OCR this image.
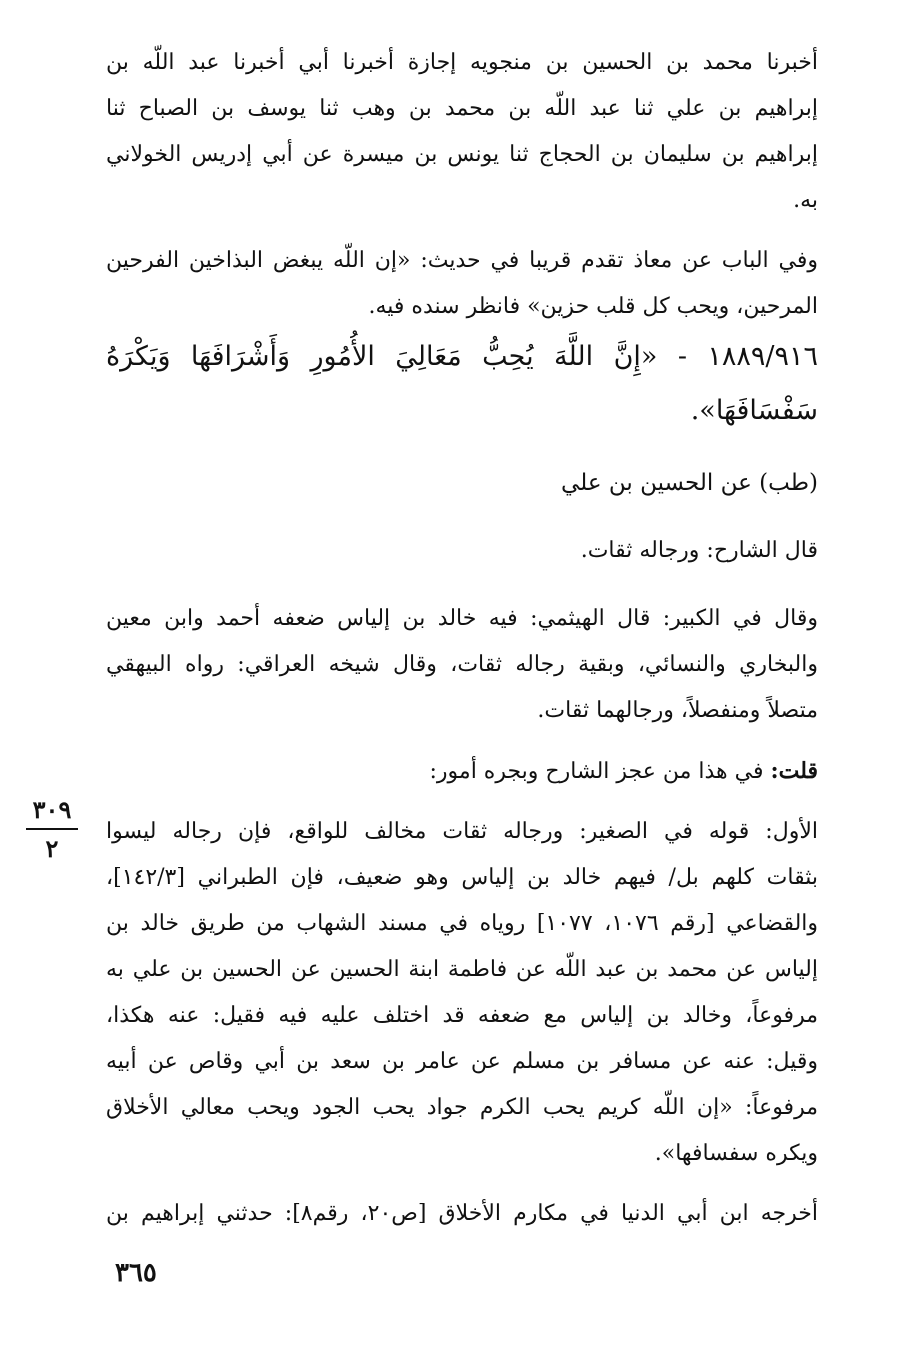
أخبرنا محمد بن الحسين بن منجويه إجازة أخبرنا أبي أخبرنا عبد اللّه بن
إبراهيم بن علي ثنا عبد اللّه بن محمد بن وهب ثنا يوسف بن الصباح ثنا
إبراهيم بن سليمان بن الحجاج ثنا يونس بن ميسرة عن أبي إدريس الخولاني
به.
وفي الباب عن معاذ تقدم قريبا في حديث: «إن اللّه يبغض البذاخين الفرحين
المرحين، ويحب كل قلب حزين» فانظر سنده فيه.
١٨٨٩/٩١٦ - «إِنَّ اللَّهَ يُحِبُّ مَعَالِيَ الأُمُورِ وَأَشْرَافَهَا وَيَكْرَهُ
سَفْسَافَهَا».
(طب) عن الحسين بن علي
قال الشارح: ورجاله ثقات.
وقال في الكبير: قال الهيثمي: فيه خالد بن إلياس ضعفه أحمد وابن معين
والبخاري والنسائي، وبقية رجاله ثقات، وقال شيخه العراقي: رواه البيهقي
متصلاً ومنفصلاً، ورجالهما ثقات.
قلت: في هذا من عجز الشارح وبجره أمور:
الأول: قوله في الصغير: ورجاله ثقات مخالف للواقع، فإن رجاله ليسوا
بثقات كلهم بل/ فيهم خالد بن إلياس وهو ضعيف، فإن الطبراني [١٤٢/٣]،
والقضاعي [رقم ١٠٧٦، ١٠٧٧] روياه في مسند الشهاب من طريق خالد بن
إلياس عن محمد بن عبد اللّه عن فاطمة ابنة الحسين عن الحسين بن علي به
مرفوعاً، وخالد بن إلياس مع ضعفه قد اختلف عليه فيه فقيل: عنه هكذا،
وقيل: عنه عن مسافر بن مسلم عن عامر بن سعد بن أبي وقاص عن أبيه
مرفوعاً: «إن اللّه كريم يحب الكرم جواد يحب الجود ويحب معالي الأخلاق
ويكره سفسافها».
أخرجه ابن أبي الدنيا في مكارم الأخلاق [ص٢٠، رقم٨]: حدثني إبراهيم بن
٣٠٩
٢
٣٦٥
